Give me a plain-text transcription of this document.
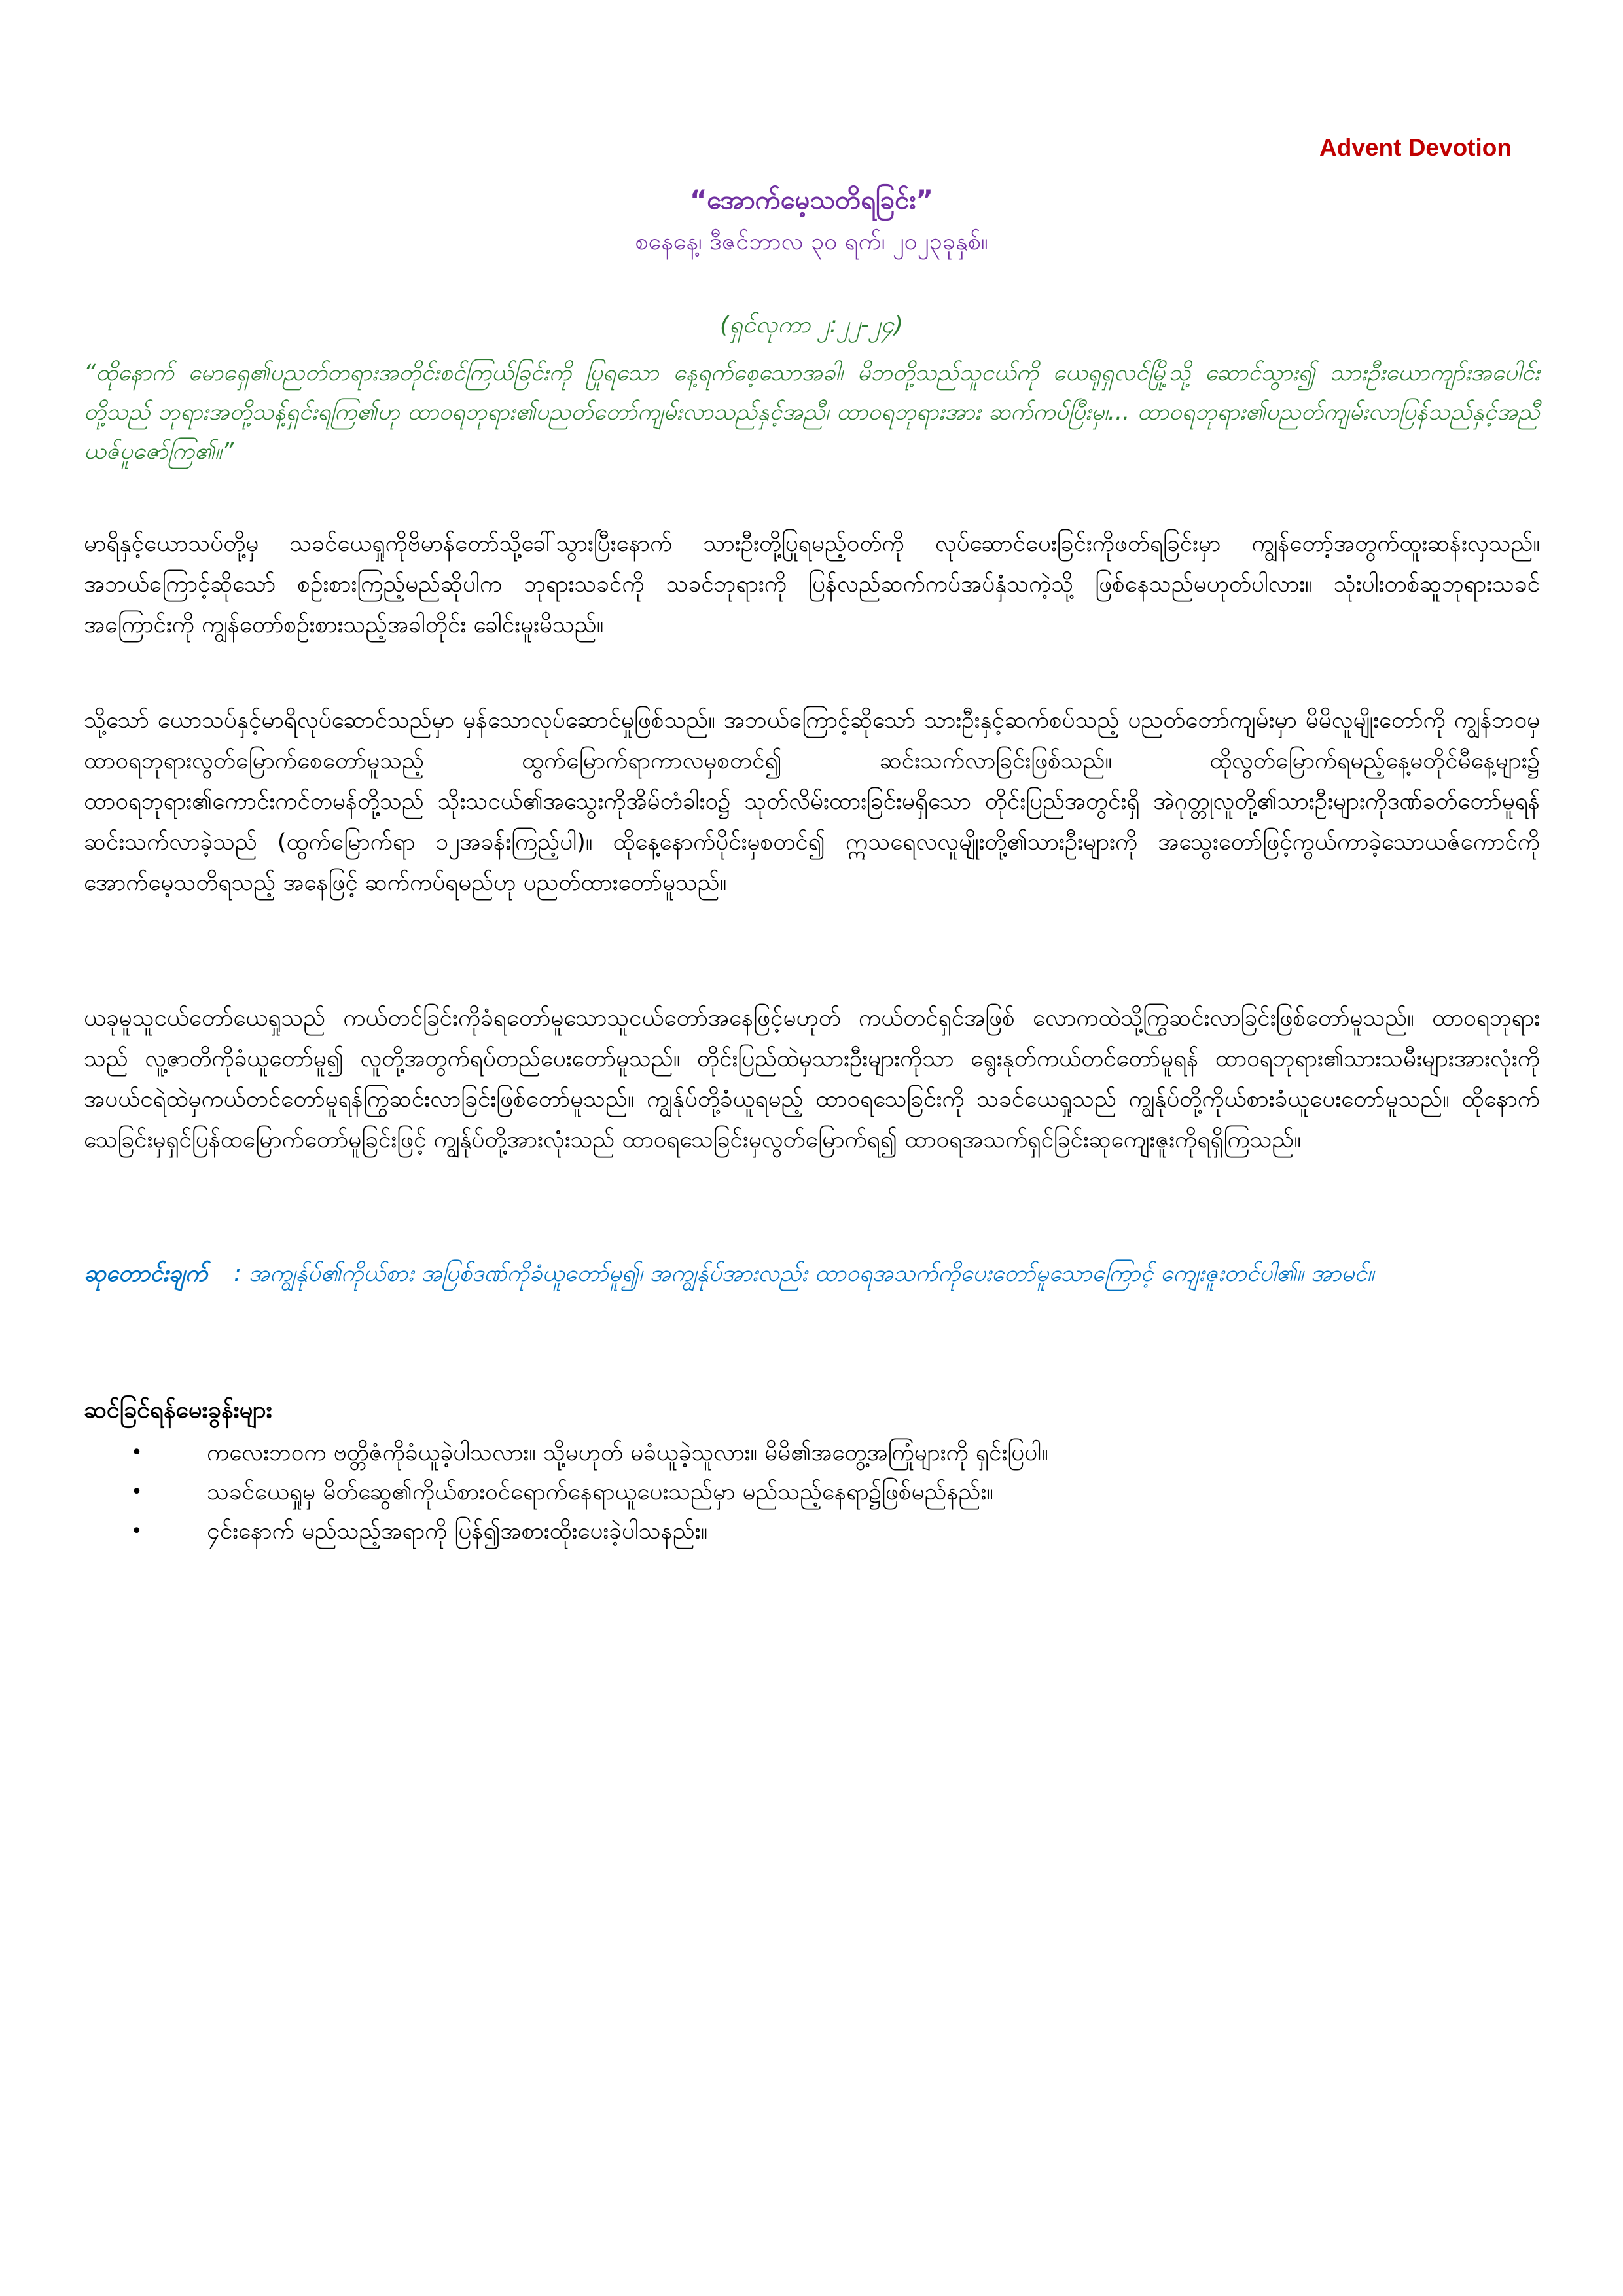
Advent Devotion
“အောက်မေ့သတိရခြင်း”
စနေနေ့၊ ဒီဇင်ဘာလ ၃၀ ရက်၊ ၂၀၂၃ခုနှစ်။
(ရှင်လုကာ ၂:၂၂-၂၄)
“ထိုနောက် မောရှေ၏ပညတ်တရားအတိုင်းစင်ကြယ်ခြင်းကို ပြုရသော နေ့ရက်စေ့သောအခါ၊ မိဘတို့သည်သူငယ်ကို ယေရုရှလင်မြို့သို့ ဆောင်သွား၍ သားဦးယောကျာ်းအပေါင်းတို့သည် ဘုရားအတို့သန့်ရှင်းရကြ၏ဟု ထာဝရဘုရား၏ပညတ်တော်ကျမ်းလာသည်နှင့်အညီ၊ ထာဝရဘုရားအား ဆက်ကပ်ပြီးမှ၊... ထာဝရဘုရား၏ပညတ်ကျမ်းလာပြန်သည်နှင့်အညီ ယဇ်ပူဇော်ကြ၏။”
မာရိနှင့်ယောသပ်တို့မှ သခင်ယေရှုကိုဗိမာန်တော်သို့ခေါ်သွားပြီးနောက် သားဦးတို့ပြုရမည့်ဝတ်ကို လုပ်ဆောင်ပေးခြင်းကိုဖတ်ရခြင်းမှာ ကျွန်တော့်အတွက်ထူးဆန်းလှသည်။ အဘယ်ကြောင့်ဆိုသော် စဉ်းစားကြည့်မည်ဆိုပါက ဘုရားသခင်ကို သခင်ဘုရားကို ပြန်လည်ဆက်ကပ်အပ်နှံသကဲ့သို့ ဖြစ်နေသည်မဟုတ်ပါလား။ သုံးပါးတစ်ဆူဘုရားသခင်အကြောင်းကို ကျွန်တော်စဉ်းစားသည့်အခါတိုင်း ခေါင်းမူးမိသည်။
သို့သော် ယောသပ်နှင့်မာရိလုပ်ဆောင်သည်မှာ မှန်သောလုပ်ဆောင်မှုဖြစ်သည်။ အဘယ်ကြောင့်ဆိုသော် သားဦးနှင့်ဆက်စပ်သည့် ပညတ်တော်ကျမ်းမှာ မိမိလူမျိုးတော်ကို ကျွန်ဘဝမှထာဝရဘုရားလွတ်မြောက်စေတော်မူသည့် ထွက်မြောက်ရာကာလမှစတင်၍ ဆင်းသက်လာခြင်းဖြစ်သည်။ ထိုလွတ်မြောက်ရမည့်နေ့မတိုင်မီနေ့များ၌ ထာဝရဘုရား၏ကောင်းကင်တမန်တို့သည် သိုးသငယ်၏အသွေးကိုအိမ်တံခါး၀၌ သုတ်လိမ်းထားခြင်းမရှိသော တိုင်းပြည်အတွင်းရှိ အဲဂုတ္တုလူတို့၏သားဦးများကိုဒဏ်ခတ်တော်မူရန် ဆင်းသက်လာခဲ့သည် (ထွက်မြောက်ရာ ၁၂အခန်းကြည့်ပါ)။ ထိုနေ့နောက်ပိုင်းမှစတင်၍ ဣသရေလလူမျိုးတို့၏သားဦးများကို အသွေးတော်ဖြင့်ကွယ်ကာခဲ့သောယဇ်ကောင်ကို အောက်မေ့သတိရသည့် အနေဖြင့် ဆက်ကပ်ရမည်ဟု ပညတ်ထားတော်မူသည်။
ယခုမူသူငယ်တော်ယေရှုသည် ကယ်တင်ခြင်းကိုခံရတော်မူသောသူငယ်တော်အနေဖြင့်မဟုတ် ကယ်တင်ရှင်အဖြစ် လောကထဲသို့ကြွဆင်းလာခြင်းဖြစ်တော်မူသည်။ ထာဝရဘုရားသည် လူ့ဇာတိကိုခံယူတော်မူ၍ လူတို့အတွက်ရပ်တည်ပေးတော်မူသည်။ တိုင်းပြည်ထဲမှသားဦးများကိုသာ ရွေးနုတ်ကယ်တင်တော်မူရန် ထာဝရဘုရား၏သားသမီးများအားလုံးကို အပယ်ငရဲထဲမှကယ်တင်တော်မူရန်ကြွဆင်းလာခြင်းဖြစ်တော်မူသည်။ ကျွန်ုပ်တို့ခံယူရမည့် ထာဝရသေခြင်းကို သခင်ယေရှုသည် ကျွန်ုပ်တို့ကိုယ်စားခံယူပေးတော်မူသည်။ ထိုနောက် သေခြင်းမှရှင်ပြန်ထမြောက်တော်မူခြင်းဖြင့် ကျွန်ုပ်တို့အားလုံးသည် ထာဝရသေခြင်းမှလွတ်မြောက်ရ၍ ထာဝရအသက်ရှင်ခြင်းဆုကျေးဇူးကိုရရှိကြသည်။
ဆုတောင်းချက် : အကျွန်ုပ်၏ကိုယ်စား အပြစ်ဒဏ်ကိုခံယူတော်မူ၍၊ အကျွန်ုပ်အားလည်း ထာဝရအသက်ကိုပေးတော်မူသောကြောင့် ကျေးဇူးတင်ပါ၏။ အာမင်။
ဆင်ခြင်ရန်မေးခွန်းများ
•	ကလေးဘဝက ဗတ္တိဇံကိုခံယူခဲ့ပါသလား။ သို့မဟုတ် မခံယူခဲ့သူလား။ မိမိ၏အတွေ့အကြုံများကို ရှင်းပြပါ။
•	သခင်ယေရှုမှ မိတ်ဆွေ၏ကိုယ်စားဝင်ရောက်နေရာယူပေးသည်မှာ မည်သည့်နေရာ၌ဖြစ်မည်နည်း။
•	၄င်းနောက် မည်သည့်အရာကို ပြန်၍အစားထိုးပေးခဲ့ပါသနည်း။
